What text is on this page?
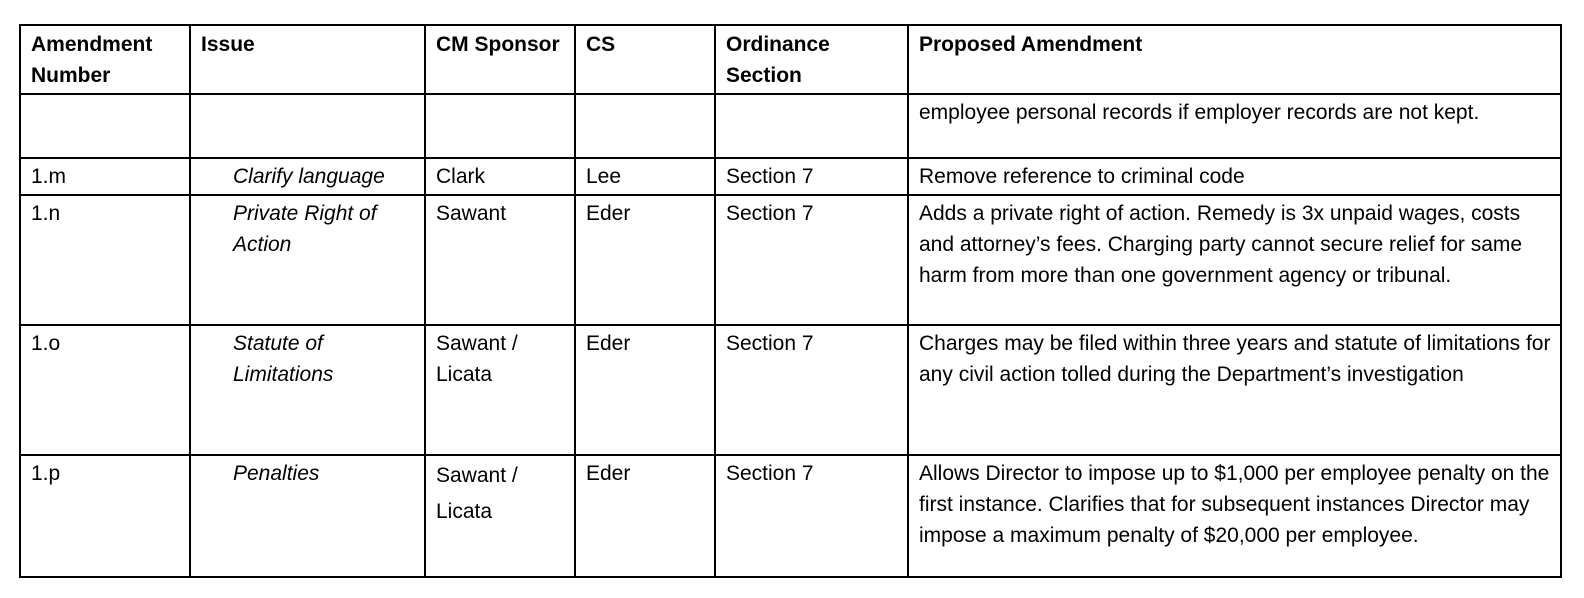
Amendment Number	Issue	CM Sponsor	CS	Ordinance Section	Proposed Amendment
					employee personal records if employer records are not kept.
1.m	Clarify language	Clark	Lee	Section 7	Remove reference to criminal code
1.n	Private Right of Action	Sawant	Eder	Section 7	Adds a private right of action. Remedy is 3x unpaid wages, costs and attorney’s fees. Charging party cannot secure relief for same harm from more than one government agency or tribunal.
1.o	Statute of Limitations	Sawant / Licata	Eder	Section 7	Charges may be filed within three years and statute of limitations for any civil action tolled during the Department’s investigation
1.p	Penalties	Sawant / Licata	Eder	Section 7	Allows Director to impose up to $1,000 per employee penalty on the first instance. Clarifies that for subsequent instances Director may impose a maximum penalty of $20,000 per employee.
